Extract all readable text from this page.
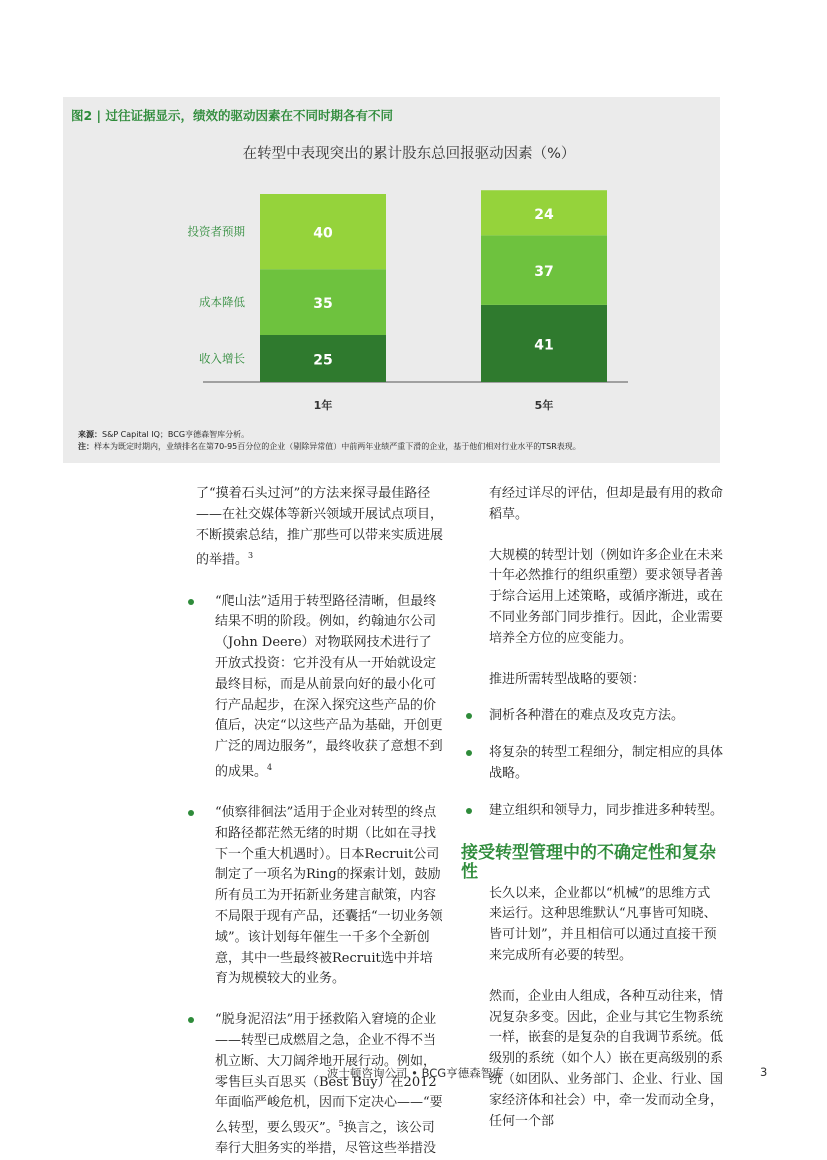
图2 | 过往证据显示，绩效的驱动因素在不同时期各有不同
在转型中表现突出的累计股东总回报驱动因素（%）
25
35
40
1年
41
37
24
5年
收入增长
成本降低
投资者预期
来源：S&P Capital IQ；BCG亨德森智库分析。
注：样本为既定时期内，业绩排名在第70-95百分位的企业（剔除异常值）中前两年业绩严重下滑的企业，基于他们相对行业水平的TSR表现。

了“摸着石头过河”的方法来探寻最佳路径——在社交媒体等新兴领域开展试点项目，不断摸索总结，推广那些可以带来实质进展的举措。$^3$

“爬山法”适用于转型路径清晰，但最终结果不明的阶段。例如，约翰迪尔公司（John Deere）对物联网技术进行了开放式投资：它并没有从一开始就设定最终目标，而是从前景向好的最小化可行产品起步，在深入探究这些产品的价值后，决定“以这些产品为基础，开创更广泛的周边服务”，最终收获了意想不到的成果。$^4$

“侦察徘徊法”适用于企业对转型的终点和路径都茫然无绪的时期（比如在寻找下一个重大机遇时）。日本Recruit公司制定了一项名为Ring的探索计划，鼓励所有员工为开拓新业务建言献策，内容不局限于现有产品，还囊括“一切业务领域”。该计划每年催生一千多个全新创意，其中一些最终被Recruit选中并培育为规模较大的业务。

“脱身泥沼法”用于拯救陷入窘境的企业——转型已成燃眉之急，企业不得不当机立断、大刀阔斧地开展行动。例如，零售巨头百思买（Best Buy）在2012年面临严峻危机，因而下定决心——“要么转型，要么毁灭”。$^5$换言之，该公司奉行大胆务实的举措，尽管这些举措没

有经过详尽的评估，但却是最有用的救命稻草。

大规模的转型计划（例如许多企业在未来十年必然推行的组织重塑）要求领导者善于综合运用上述策略，或循序渐进，或在不同业务部门同步推行。因此，企业需要培养全方位的应变能力。

推进所需转型战略的要领：

洞析各种潜在的难点及攻克方法。

将复杂的转型工程细分，制定相应的具体战略。

建立组织和领导力，同步推进多种转型。

接受转型管理中的不确定性和复杂性

长久以来，企业都以“机械”的思维方式来运行。这种思维默认“凡事皆可知晓、皆可计划”，并且相信可以通过直接干预来完成所有必要的转型。

然而，企业由人组成，各种互动往来，情况复杂多变。因此，企业与其它生物系统一样，嵌套的是复杂的自我调节系统。低级别的系统（如个人）嵌在更高级别的系统（如团队、业务部门、企业、行业、国家经济体和社会）中，牵一发而动全身，任何一个部

波士顿咨询公司 • BCG亨德森智库	3
